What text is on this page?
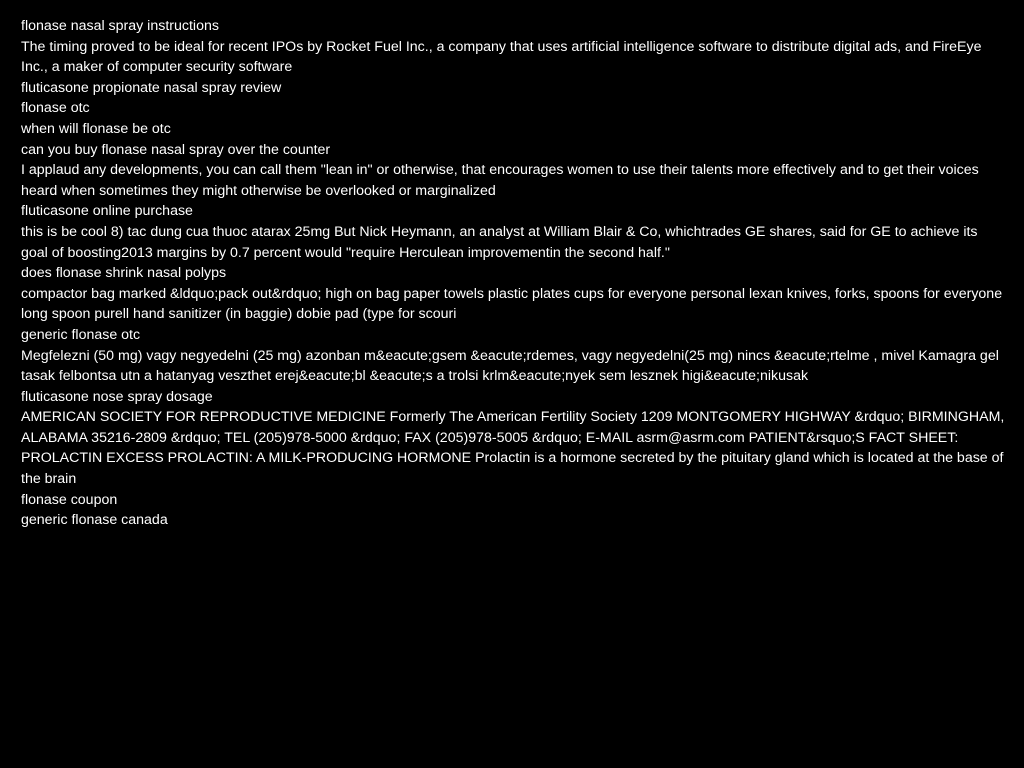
flonase nasal spray instructions

The timing proved to be ideal for recent IPOs by Rocket Fuel Inc., a company that uses artificial intelligence software to distribute digital ads, and FireEye Inc., a maker of computer security software

fluticasone propionate nasal spray review

flonase otc

when will flonase be otc

can you buy flonase nasal spray over the counter

I applaud any developments, you can call them "lean in" or otherwise, that encourages women to use their talents more effectively and to get their voices heard when sometimes they might otherwise be overlooked or marginalized

fluticasone online purchase

this is be cool 8) tac dung cua thuoc atarax 25mg But Nick Heymann, an analyst at William Blair & Co, whichtrades GE shares, said for GE to achieve its goal of boosting2013 margins by 0.7 percent would "require Herculean improvementin the second half."

does flonase shrink nasal polyps

compactor bag marked &ldquo;pack out&rdquo; high on bag paper towels plastic plates cups for everyone personal lexan knives, forks, spoons for everyone long spoon purell hand sanitizer (in baggie) dobie pad (type for scouri

generic flonase otc

Megfelezni (50 mg) vagy negyedelni (25 mg) azonban m&eacute;gsem &eacute;rdemes, vagy negyedelni(25 mg) nincs &eacute;rtelme , mivel Kamagra gel tasak felbontsa utn a hatanyag veszthet erej&eacute;bl &eacute;s a trolsi krlm&eacute;nyek sem lesznek higi&eacute;nikusak

fluticasone nose spray dosage

AMERICAN SOCIETY FOR REPRODUCTIVE MEDICINE Formerly The American Fertility Society 1209 MONTGOMERY HIGHWAY &rdquo; BIRMINGHAM, ALABAMA 35216-2809 &rdquo; TEL (205)978-5000 &rdquo; FAX (205)978-5005 &rdquo; E-MAIL asrm@asrm.com PATIENT&rsquo;S FACT SHEET: PROLACTIN EXCESS PROLACTIN: A MILK-PRODUCING HORMONE Prolactin is a hormone secreted by the pituitary gland which is located at the base of the brain

flonase coupon

generic flonase canada
